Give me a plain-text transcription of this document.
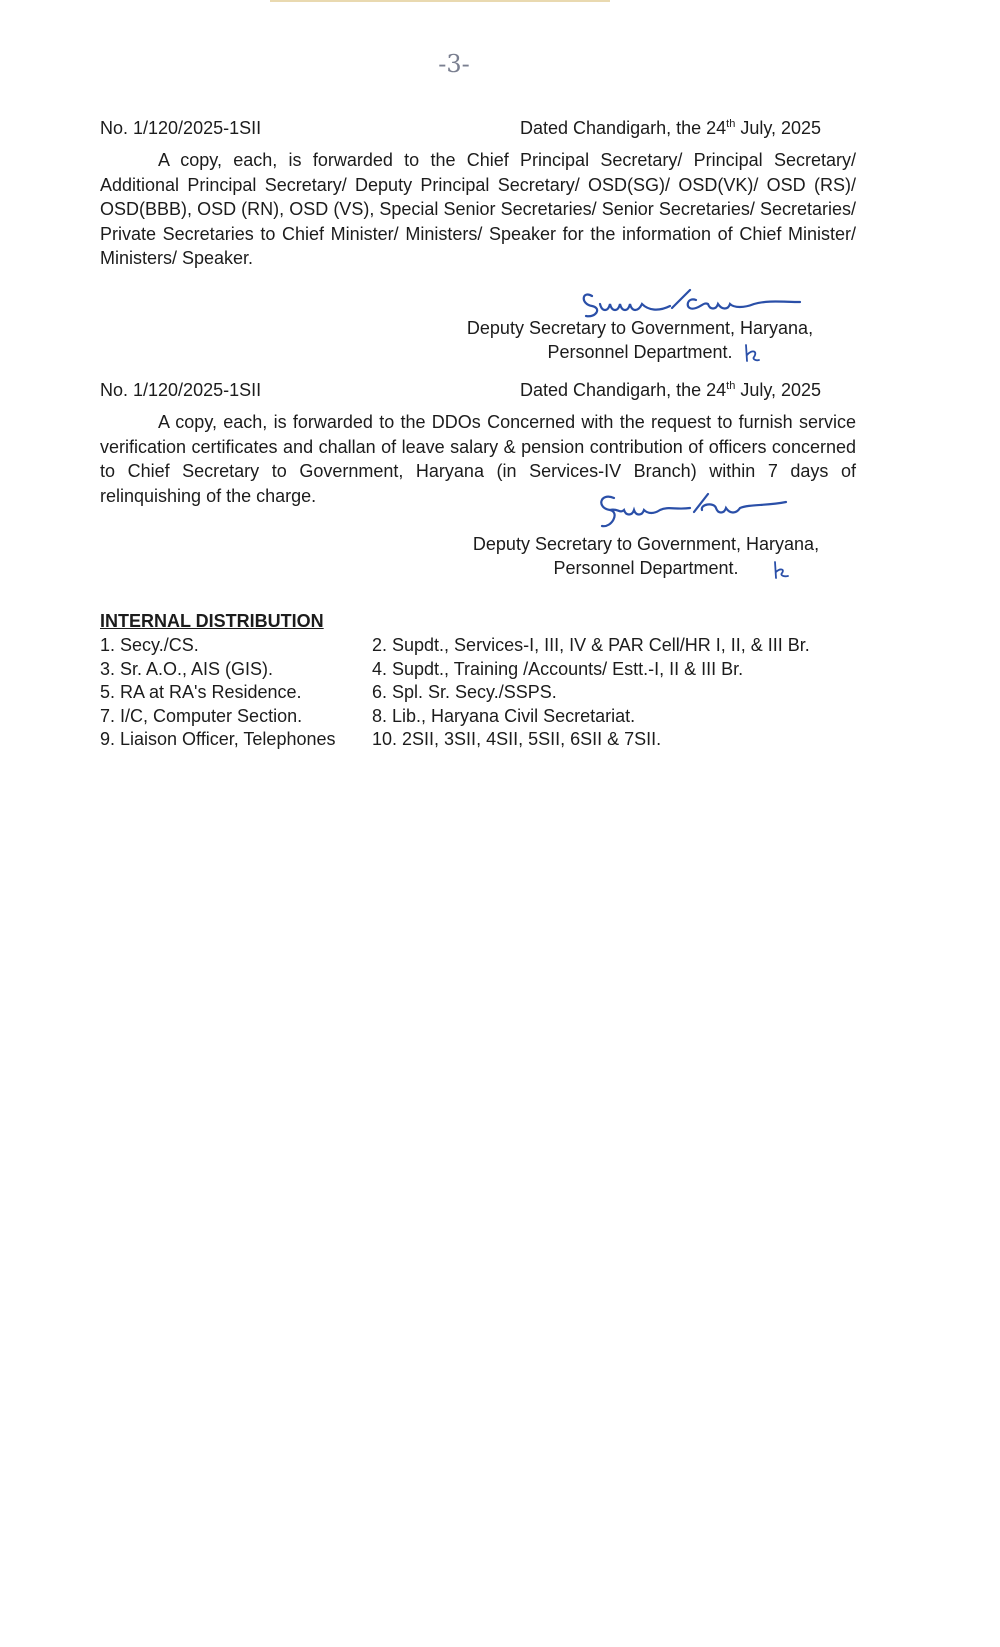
-3-
No. 1/120/2025-1SII	Dated Chandigarh, the 24th July, 2025

A copy, each, is forwarded to the Chief Principal Secretary/ Principal Secretary/ Additional Principal Secretary/ Deputy Principal Secretary/ OSD(SG)/ OSD(VK)/ OSD (RS)/ OSD(BBB), OSD (RN), OSD (VS), Special Senior Secretaries/ Senior Secretaries/ Secretaries/ Private Secretaries to Chief Minister/ Ministers/ Speaker for the information of Chief Minister/ Ministers/ Speaker.

Deputy Secretary to Government, Haryana,
Personnel Department.
No. 1/120/2025-1SII	Dated Chandigarh, the 24th July, 2025

A copy, each, is forwarded to the DDOs Concerned with the request to furnish service verification certificates and challan of leave salary & pension contribution of officers concerned to Chief Secretary to Government, Haryana (in Services-IV Branch) within 7 days of relinquishing of the charge.

Deputy Secretary to Government, Haryana,
Personnel Department.
INTERNAL DISTRIBUTION
1. Secy./CS.	2. Supdt., Services-I, III, IV & PAR Cell/HR I, II, & III Br.
3. Sr. A.O., AIS (GIS).	4. Supdt., Training /Accounts/ Estt.-I, II & III Br.
5. RA at RA's Residence.	6. Spl. Sr. Secy./SSPS.
7. I/C, Computer Section.	8. Lib., Haryana Civil Secretariat.
9. Liaison Officer, Telephones	10. 2SII, 3SII, 4SII, 5SII, 6SII & 7SII.
